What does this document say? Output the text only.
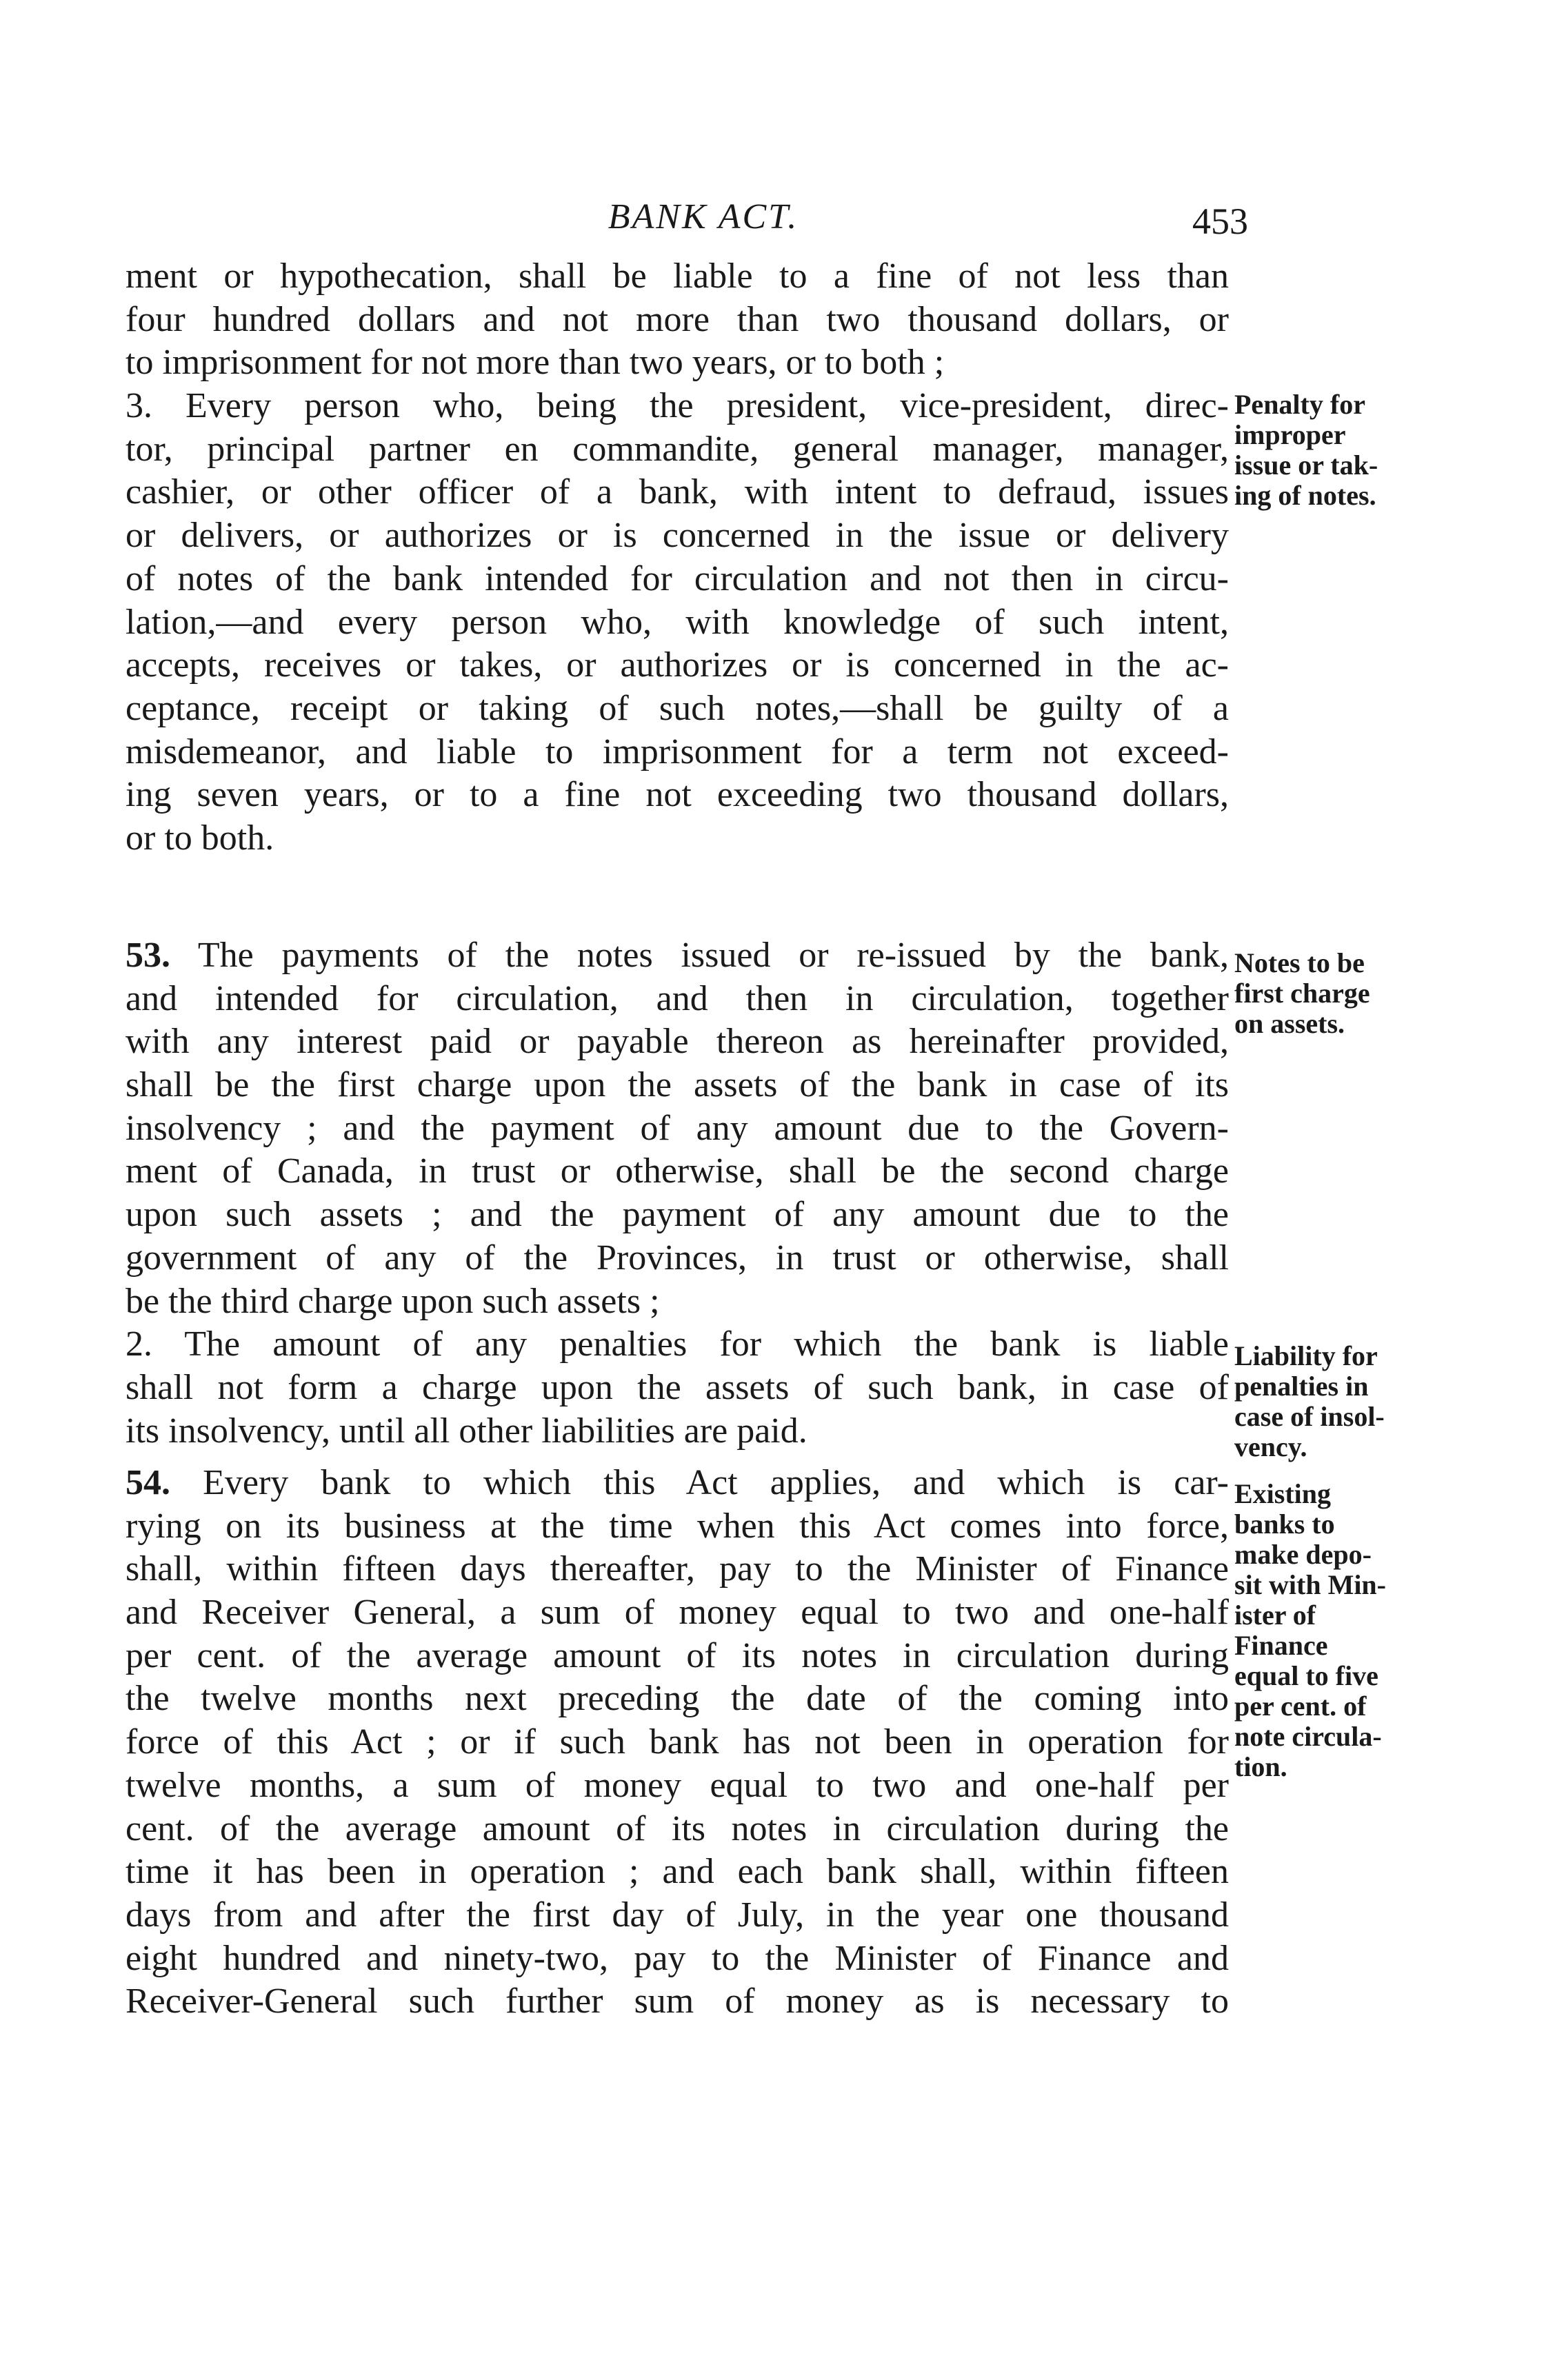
BANK ACT.	453
ment or hypothecation, shall be liable to a fine of not less than
four hundred dollars and not more than two thousand dollars, or
to imprisonment for not more than two years, or to both ;
3. Every person who, being the president, vice-president, direc-
tor, principal partner en commandite, general manager, manager,
cashier, or other officer of a bank, with intent to defraud, issues
or delivers, or authorizes or is concerned in the issue or delivery
of notes of the bank intended for circulation and not then in circu-
lation,—and every person who, with knowledge of such intent,
accepts, receives or takes, or authorizes or is concerned in the ac-
ceptance, receipt or taking of such notes,—shall be guilty of a
misdemeanor, and liable to imprisonment for a term not exceed-
ing seven years, or to a fine not exceeding two thousand dollars,
or to both.
Penalty for
improper
issue or tak-
ing of notes.
53. The payments of the notes issued or re-issued by the bank,
and intended for circulation, and then in circulation, together
with any interest paid or payable thereon as hereinafter provided,
shall be the first charge upon the assets of the bank in case of its
insolvency ; and the payment of any amount due to the Govern-
ment of Canada, in trust or otherwise, shall be the second charge
upon such assets ; and the payment of any amount due to the
government of any of the Provinces, in trust or otherwise, shall
be the third charge upon such assets ;
2. The amount of any penalties for which the bank is liable
shall not form a charge upon the assets of such bank, in case of
its insolvency, until all other liabilities are paid.
Notes to be
first charge
on assets.
Liability for
penalties in
case of insol-
vency.
54. Every bank to which this Act applies, and which is car-
rying on its business at the time when this Act comes into force,
shall, within fifteen days thereafter, pay to the Minister of Finance
and Receiver General, a sum of money equal to two and one-half
per cent. of the average amount of its notes in circulation during
the twelve months next preceding the date of the coming into
force of this Act ; or if such bank has not been in operation for
twelve months, a sum of money equal to two and one-half per
cent. of the average amount of its notes in circulation during the
time it has been in operation ; and each bank shall, within fifteen
days from and after the first day of July, in the year one thousand
eight hundred and ninety-two, pay to the Minister of Finance and
Receiver-General such further sum of money as is necessary to
Existing
banks to
make depo-
sit with Min-
ister of
Finance
equal to five
per cent. of
note circula-
tion.
